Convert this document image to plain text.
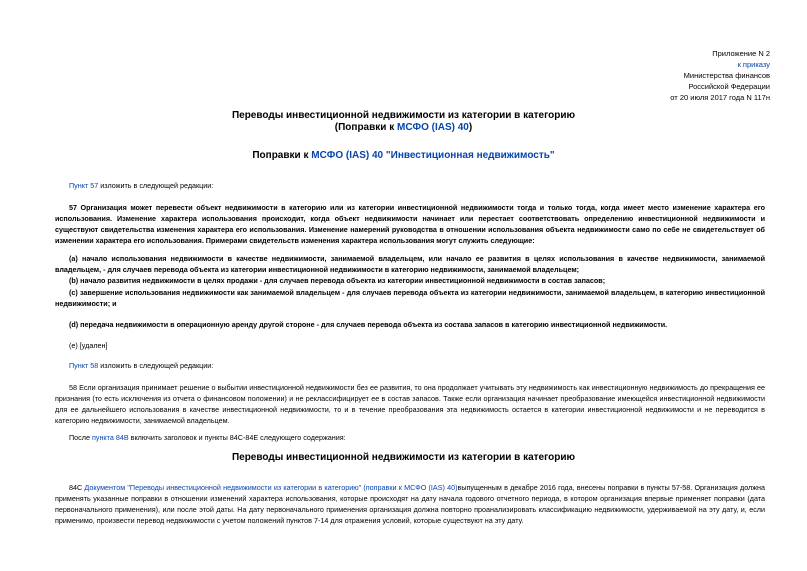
Приложение N 2
к приказу
Министерства финансов
Российской Федерации
от 20 июля 2017 года N 117н
Переводы инвестиционной недвижимости из категории в категорию
(Поправки к МСФО (IAS) 40)
Поправки к МСФО (IAS) 40 "Инвестиционная недвижимость"
Пункт 57 изложить в следующей редакции:
57 Организация может перевести объект недвижимости в категорию или из категории инвестиционной недвижимости тогда и только тогда, когда имеет место изменение характера его использования. Изменение характера использования происходит, когда объект недвижимости начинает или перестает соответствовать определению инвестиционной недвижимости и существуют свидетельства изменения характера его использования. Изменение намерений руководства в отношении использования объекта недвижимости само по себе не свидетельствует об изменении характера его использования. Примерами свидетельств изменения характера использования могут служить следующие:
(a) начало использования недвижимости в качестве недвижимости, занимаемой владельцем, или начало ее развития в целях использования в качестве недвижимости, занимаемой владельцем, - для случаев перевода объекта из категории инвестиционной недвижимости в категорию недвижимости, занимаемой владельцем;
(b) начало развития недвижимости в целях продажи - для случаев перевода объекта из категории инвестиционной недвижимости в состав запасов;
(c) завершение использования недвижимости как занимаемой владельцем - для случаев перевода объекта из категории недвижимости, занимаемой владельцем, в категорию инвестиционной недвижимости; и
(d) передача недвижимости в операционную аренду другой стороне - для случаев перевода объекта из состава запасов в категорию инвестиционной недвижимости.
(e) [удален]
Пункт 58 изложить в следующей редакции:
58 Если организация принимает решение о выбытии инвестиционной недвижимости без ее развития, то она продолжает учитывать эту недвижимость как инвестиционную недвижимость до прекращения ее признания (то есть исключения из отчета о финансовом положении) и не реклассифицирует ее в состав запасов. Также если организация начинает преобразование имеющейся инвестиционной недвижимости для ее дальнейшего использования в качестве инвестиционной недвижимости, то и в течение преобразования эта недвижимость остается в категории инвестиционной недвижимости и не переводится в категорию недвижимости, занимаемой владельцем.
После пункта 84В включить заголовок и пункты 84С-84Е следующего содержания:
Переводы инвестиционной недвижимости из категории в категорию
84С Документом "Переводы инвестиционной недвижимости из категории в категорию" (поправки к МСФО (IAS) 40)выпущенным в декабре 2016 года, внесены поправки в пункты 57-58. Организация должна применять указанные поправки в отношении изменений характера использования, которые происходят на дату начала годового отчетного периода, в котором организация впервые применяет поправки (дата первоначального применения), или после этой даты. На дату первоначального применения организация должна повторно проанализировать классификацию недвижимости, удерживаемой на эту дату, и, если применимо, произвести перевод недвижимости с учетом положений пунктов 7-14 для отражения условий, которые существуют на эту дату.
